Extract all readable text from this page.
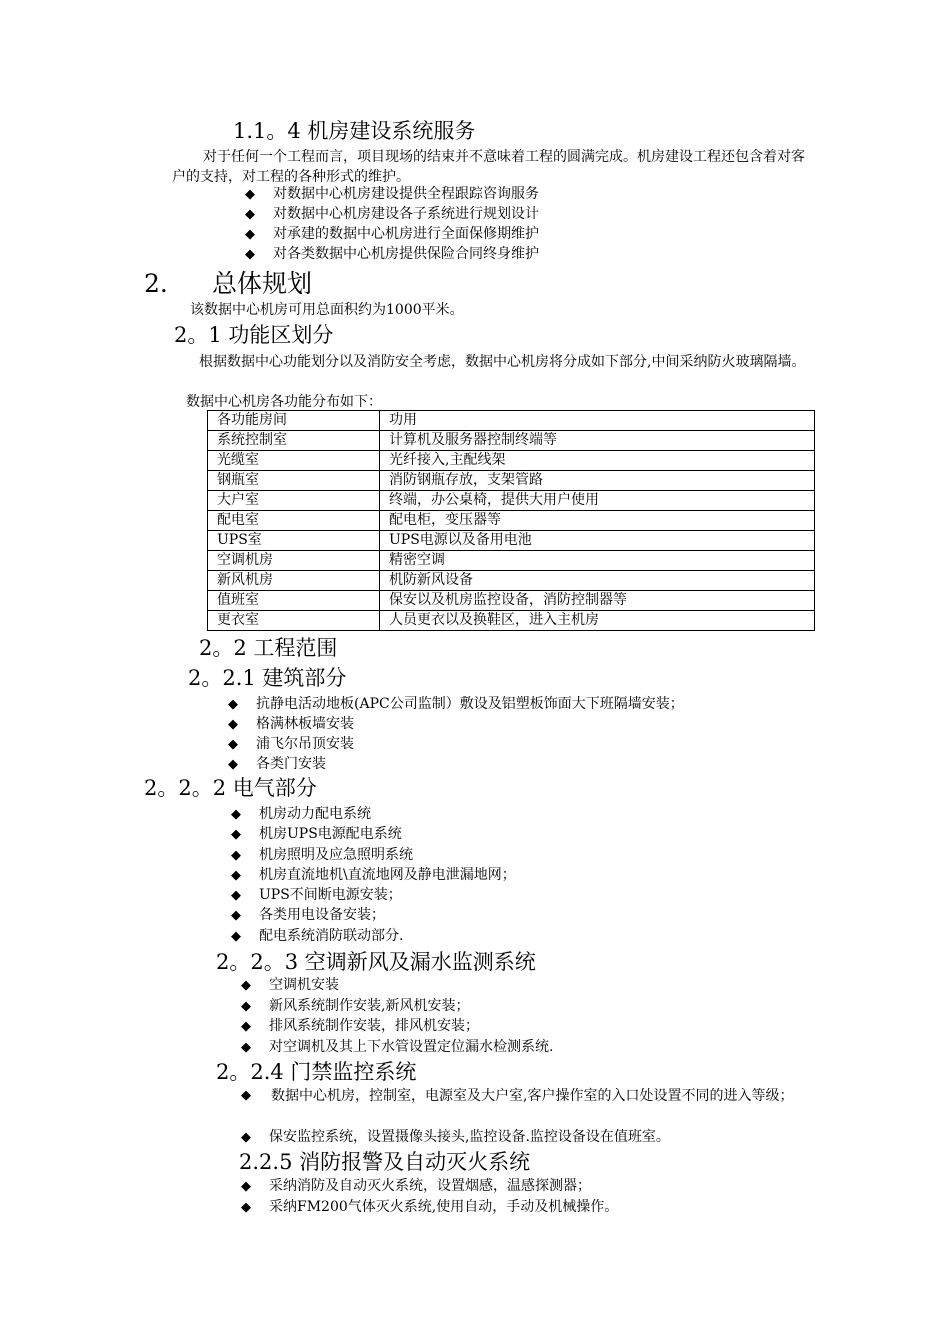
1.1。4 机房建设系统服务
对于任何一个工程而言，项目现场的结束并不意味着工程的圆满完成。机房建设工程还包含着对客户的支持，对工程的各种形式的维护。
◆ 对数据中心机房建设提供全程跟踪咨询服务
◆ 对数据中心机房建设各子系统进行规划设计
◆ 对承建的数据中心机房进行全面保修期维护
◆ 对各类数据中心机房提供保险合同终身维护
2. 总体规划
该数据中心机房可用总面积约为1000平米。
2。1 功能区划分
根据数据中心功能划分以及消防安全考虑，数据中心机房将分成如下部分,中间采纳防火玻璃隔墙。
数据中心机房各功能分布如下：
各功能房间	功用
系统控制室	计算机及服务器控制终端等
光缆室	光纤接入,主配线架
钢瓶室	消防钢瓶存放，支架管路
大户室	终端，办公桌椅，提供大用户使用
配电室	配电柜，变压器等
UPS室	UPS电源以及备用电池
空调机房	精密空调
新风机房	机防新风设备
值班室	保安以及机房监控设备，消防控制器等
更衣室	人员更衣以及换鞋区，进入主机房
2。2 工程范围
2。2.1 建筑部分
◆ 抗静电活动地板(APC公司监制）敷设及铝塑板饰面大下班隔墙安装；
◆ 格满林板墙安装
◆ 浦飞尔吊顶安装
◆ 各类门安装
2。2。2 电气部分
◆ 机房动力配电系统
◆ 机房UPS电源配电系统
◆ 机房照明及应急照明系统
◆ 机房直流地机\直流地网及静电泄漏地网；
◆ UPS不间断电源安装；
◆ 各类用电设备安装；
◆ 配电系统消防联动部分.
2。2。3 空调新风及漏水监测系统
◆ 空调机安装
◆ 新风系统制作安装,新风机安装；
◆ 排风系统制作安装，排风机安装；
◆ 对空调机及其上下水管设置定位漏水检测系统.
2。2.4 门禁监控系统
◆ 数据中心机房，控制室，电源室及大户室,客户操作室的入口处设置不同的进入等级；
◆ 保安监控系统，设置摄像头接头,监控设备.监控设备设在值班室。
2.2.5 消防报警及自动灭火系统
◆ 采纳消防及自动灭火系统，设置烟感，温感探测器；
◆ 采纳FM200气体灭火系统,使用自动，手动及机械操作。
